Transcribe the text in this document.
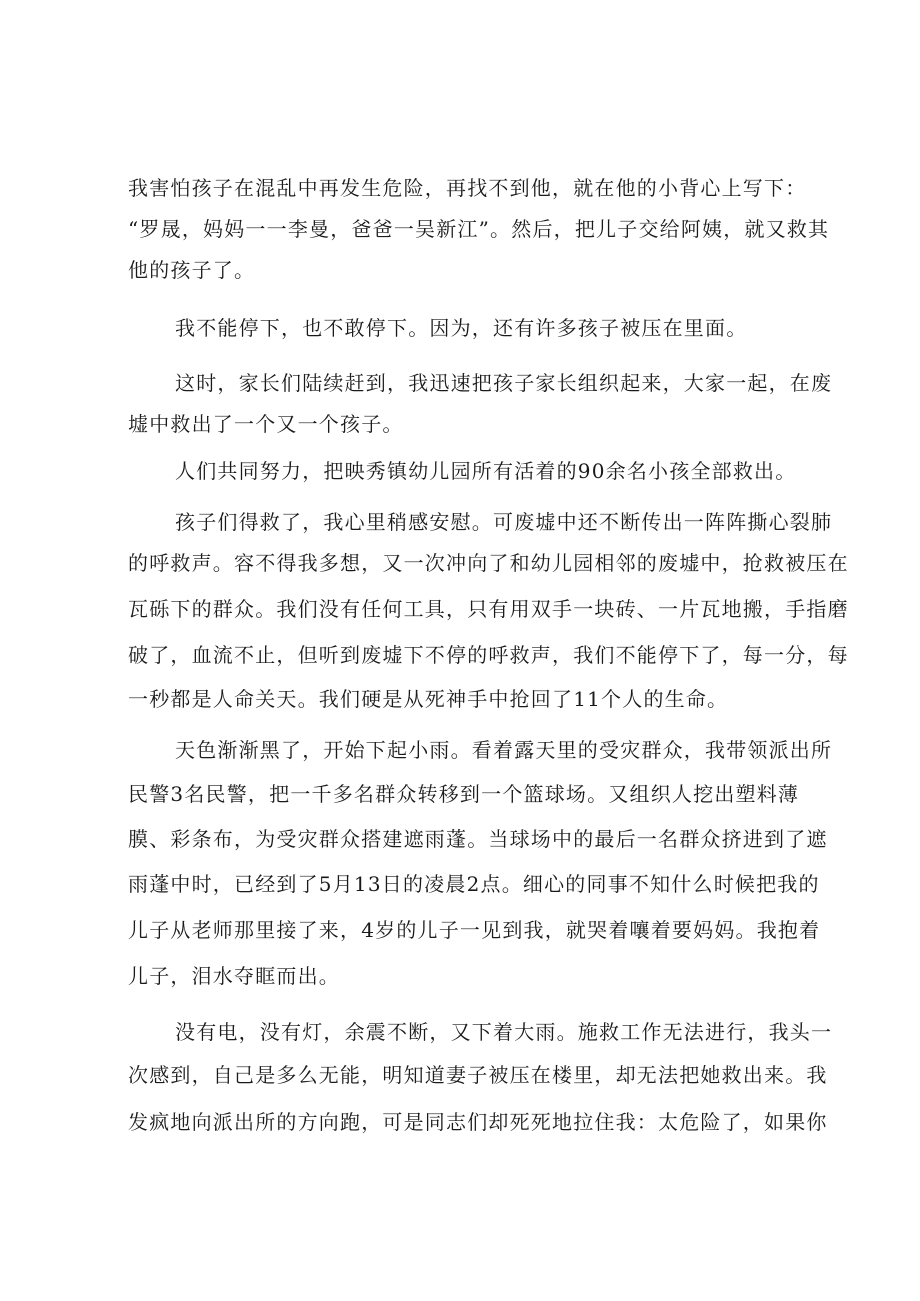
我害怕孩子在混乱中再发生危险，再找不到他，就在他的小背心上写下：

“罗晟，妈妈一一李曼，爸爸一吴新江”。然后，把儿子交给阿姨，就又救其

他的孩子了。

我不能停下，也不敢停下。因为，还有许多孩子被压在里面。

这时，家长们陆续赶到，我迅速把孩子家长组织起来，大家一起，在废

墟中救出了一个又一个孩子。

人们共同努力，把映秀镇幼儿园所有活着的90余名小孩全部救出。

孩子们得救了，我心里稍感安慰。可废墟中还不断传出一阵阵撕心裂肺

的呼救声。容不得我多想，又一次冲向了和幼儿园相邻的废墟中，抢救被压在

瓦砾下的群众。我们没有任何工具，只有用双手一块砖、一片瓦地搬，手指磨

破了，血流不止，但听到废墟下不停的呼救声，我们不能停下了，每一分，每

一秒都是人命关天。我们硬是从死神手中抢回了11个人的生命。

天色渐渐黑了，开始下起小雨。看着露天里的受灾群众，我带领派出所

民警3名民警，把一千多名群众转移到一个篮球场。又组织人挖出塑料薄

膜、彩条布，为受灾群众搭建遮雨蓬。当球场中的最后一名群众挤进到了遮

雨蓬中时，已经到了5月13日的凌晨2点。细心的同事不知什么时候把我的

儿子从老师那里接了来，4岁的儿子一见到我，就哭着嚷着要妈妈。我抱着

儿子，泪水夺眶而出。

没有电，没有灯，余震不断，又下着大雨。施救工作无法进行，我头一

次感到，自己是多么无能，明知道妻子被压在楼里，却无法把她救出来。我

发疯地向派出所的方向跑，可是同志们却死死地拉住我：太危险了，如果你
